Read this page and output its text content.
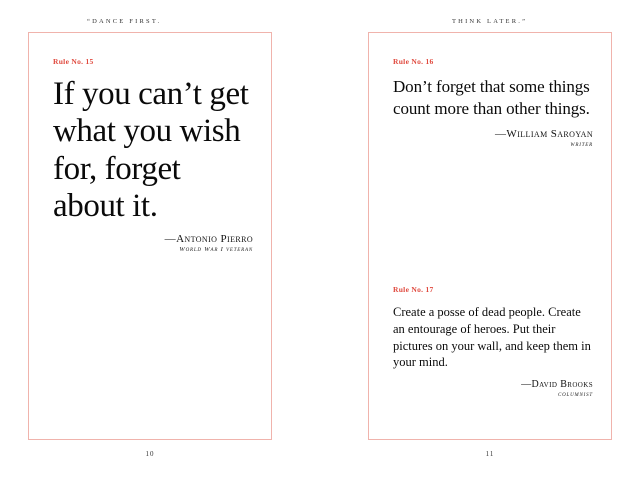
“DANCE FIRST.	THINK LATER.”
Rule No. 15

If you can’t get what you wish for, forget about it.

—Antonio Pierro
World War I veteran
10
Rule No. 16

Don’t forget that some things count more than other things.

—William Saroyan
writer
Rule No. 17

Create a posse of dead people. Create an entourage of heroes. Put their pictures on your wall, and keep them in your mind.

—David Brooks
columnist
11
